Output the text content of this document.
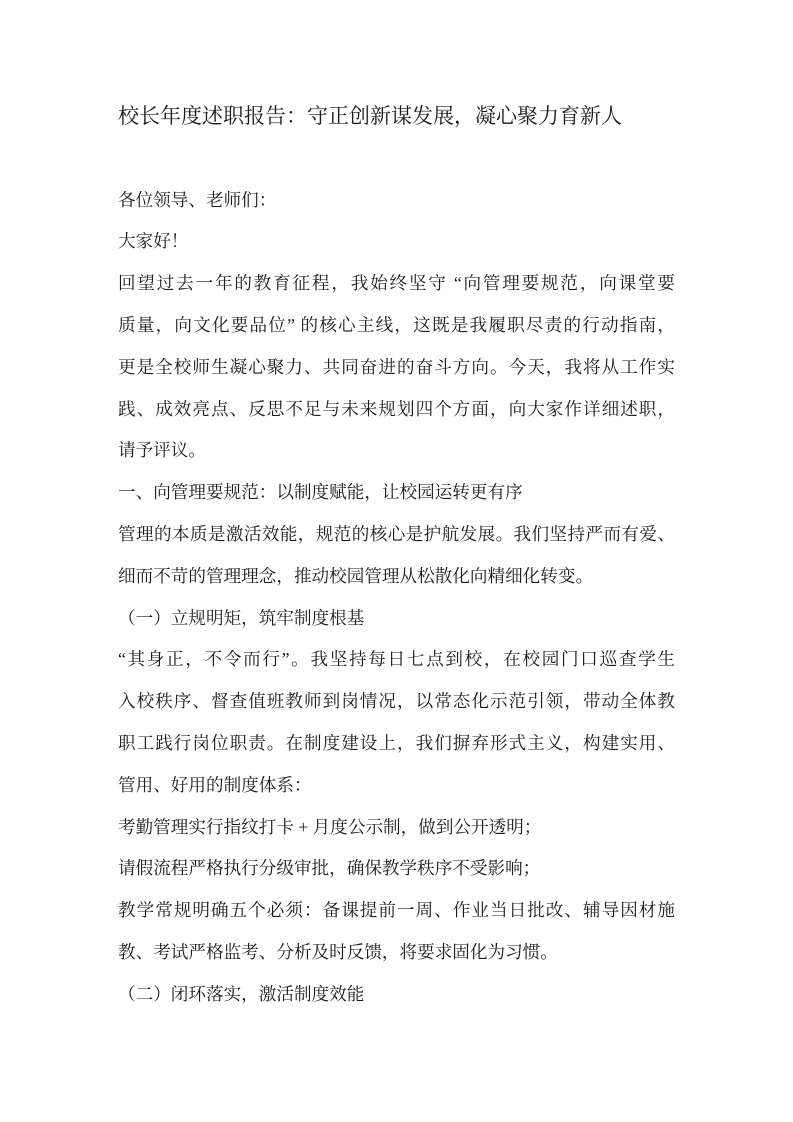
校长年度述职报告：守正创新谋发展，凝心聚力育新人
各位领导、老师们：
大家好！
回望过去一年的教育征程，我始终坚守 “向管理要规范，向课堂要
质量，向文化要品位” 的核心主线，这既是我履职尽责的行动指南，
更是全校师生凝心聚力、共同奋进的奋斗方向。今天，我将从工作实
践、成效亮点、反思不足与未来规划四个方面，向大家作详细述职，
请予评议。
一、向管理要规范：以制度赋能，让校园运转更有序
管理的本质是激活效能，规范的核心是护航发展。我们坚持严而有爱、
细而不苛的管理理念，推动校园管理从松散化向精细化转变。
（一）立规明矩，筑牢制度根基
“其身正，不令而行”。我坚持每日七点到校，在校园门口巡查学生
入校秩序、督查值班教师到岗情况，以常态化示范引领，带动全体教
职工践行岗位职责。在制度建设上，我们摒弃形式主义，构建实用、
管用、好用的制度体系：
考勤管理实行指纹打卡 + 月度公示制，做到公开透明；
请假流程严格执行分级审批，确保教学秩序不受影响；
教学常规明确五个必须：备课提前一周、作业当日批改、辅导因材施
教、考试严格监考、分析及时反馈，将要求固化为习惯。
（二）闭环落实，激活制度效能
